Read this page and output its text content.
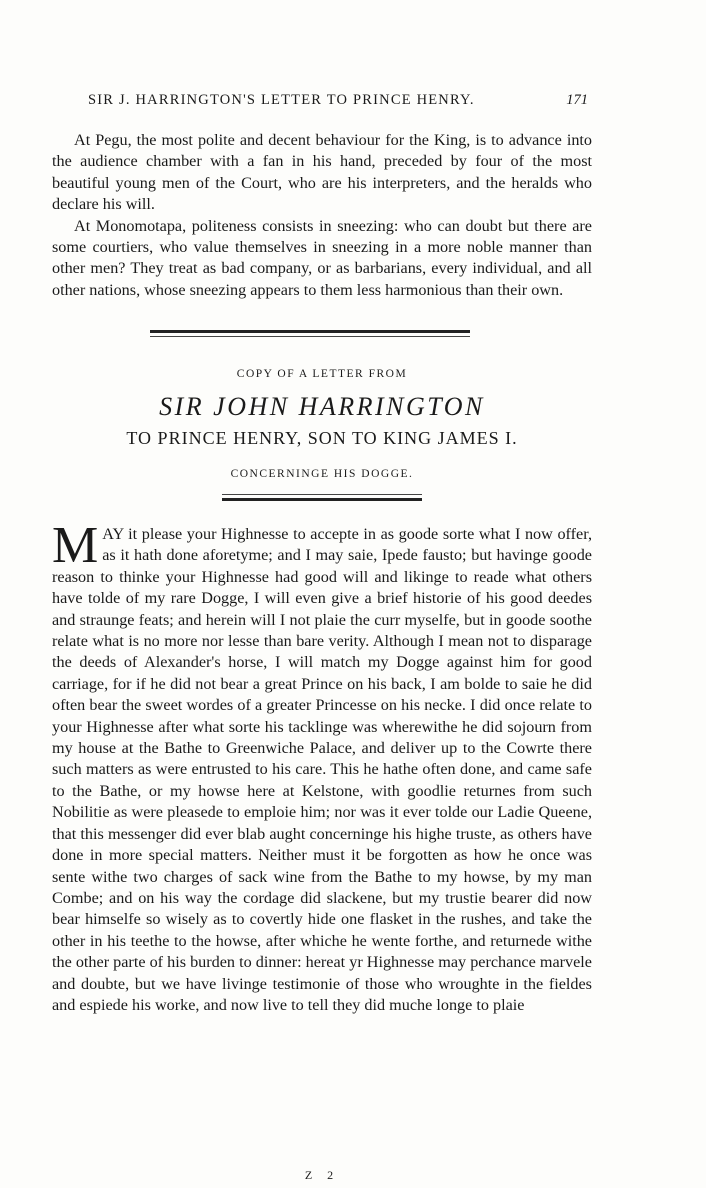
SIR J. HARRINGTON'S LETTER TO PRINCE HENRY.	171

At Pegu, the most polite and decent behaviour for the King, is to advance into the audience chamber with a fan in his hand, preceded by four of the most beautiful young men of the Court, who are his interpreters, and the heralds who declare his will.

At Monomotapa, politeness consists in sneezing: who can doubt but there are some courtiers, who value themselves in sneezing in a more noble manner than other men? They treat as bad company, or as barbarians, every individual, and all other nations, whose sneezing appears to them less harmonious than their own.

COPY OF A LETTER FROM
SIR JOHN HARRINGTON
TO PRINCE HENRY, SON TO KING JAMES I.
CONCERNINGE HIS DOGGE.

MAY it please your Highnesse to accepte in as goode sorte what I now offer, as it hath done aforetyme; and I may saie, Ipede fausto; but havinge goode reason to thinke your Highnesse had good will and likinge to reade what others have tolde of my rare Dogge, I will even give a brief historie of his good deedes and straunge feats; and herein will I not plaie the curr myselfe, but in goode soothe relate what is no more nor lesse than bare verity. Although I mean not to disparage the deeds of Alexander's horse, I will match my Dogge against him for good carriage, for if he did not bear a great Prince on his back, I am bolde to saie he did often bear the sweet wordes of a greater Princesse on his necke. I did once relate to your Highnesse after what sorte his tacklinge was wherewithe he did sojourn from my house at the Bathe to Greenwiche Palace, and deliver up to the Cowrte there such matters as were entrusted to his care. This he hathe often done, and came safe to the Bathe, or my howse here at Kelstone, with goodlie returnes from such Nobilitie as were pleasede to emploie him; nor was it ever tolde our Ladie Queene, that this messenger did ever blab aught concerninge his highe truste, as others have done in more special matters. Neither must it be forgotten as how he once was sente withe two charges of sack wine from the Bathe to my howse, by my man Combe; and on his way the cordage did slackene, but my trustie bearer did now bear himselfe so wisely as to covertly hide one flasket in the rushes, and take the other in his teethe to the howse, after whiche he wente forthe, and returnede withe the other parte of his burden to dinner: hereat yr Highnesse may perchance marvele and doubte, but we have livinge testimonie of those who wroughte in the fieldes and espiede his worke, and now live to tell they did muche longe to plaie

Z 2
